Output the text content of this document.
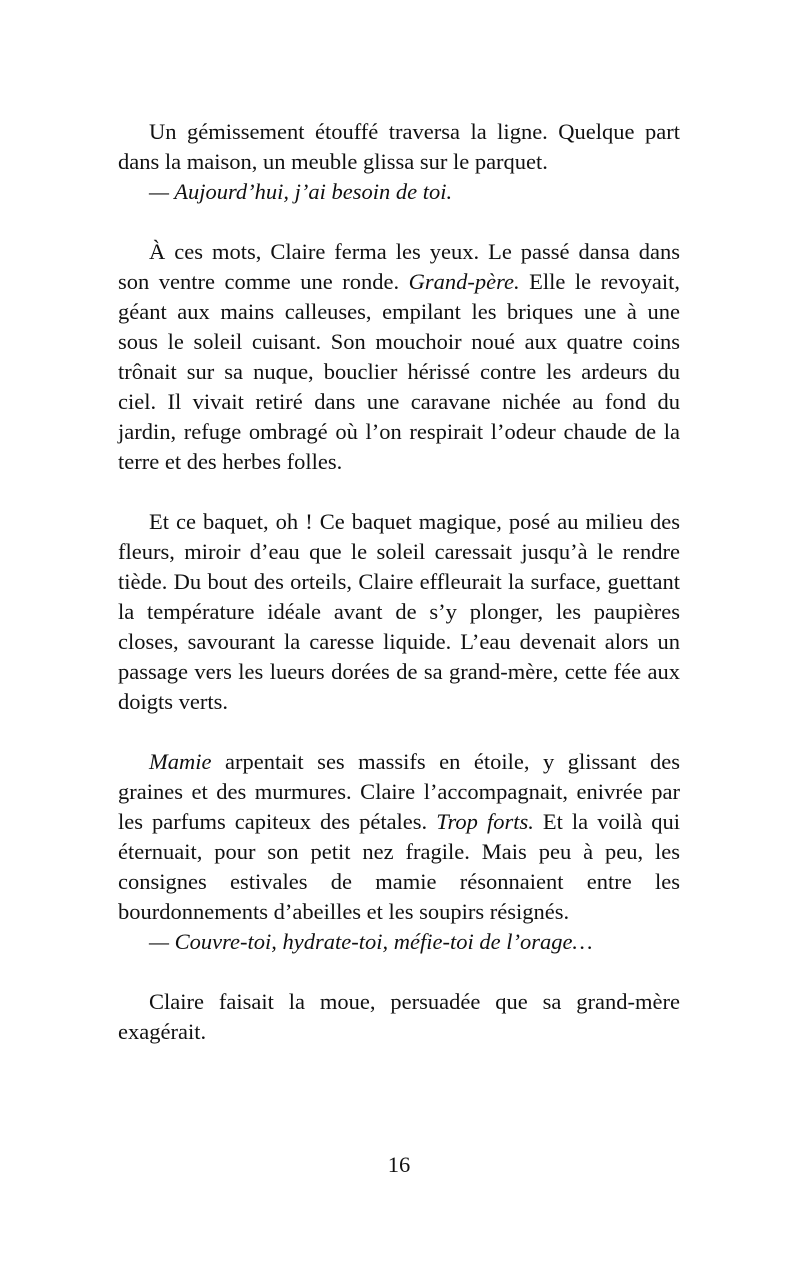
Un gémissement étouffé traversa la ligne. Quelque part dans la maison, un meuble glissa sur le parquet.

— Aujourd’hui, j’ai besoin de toi.

À ces mots, Claire ferma les yeux. Le passé dansa dans son ventre comme une ronde. Grand-père. Elle le revoyait, géant aux mains calleuses, empilant les briques une à une sous le soleil cuisant. Son mouchoir noué aux quatre coins trônait sur sa nuque, bouclier hérissé contre les ardeurs du ciel. Il vivait retiré dans une caravane nichée au fond du jardin, refuge ombragé où l’on respirait l’odeur chaude de la terre et des herbes folles.

Et ce baquet, oh ! Ce baquet magique, posé au milieu des fleurs, miroir d’eau que le soleil caressait jusqu’à le rendre tiède. Du bout des orteils, Claire effleurait la surface, guettant la température idéale avant de s’y plonger, les paupières closes, savourant la caresse liquide. L’eau devenait alors un passage vers les lueurs dorées de sa grand-mère, cette fée aux doigts verts.

Mamie arpentait ses massifs en étoile, y glissant des graines et des murmures. Claire l’accompagnait, enivrée par les parfums capiteux des pétales. Trop forts. Et la voilà qui éternuait, pour son petit nez fragile. Mais peu à peu, les consignes estivales de mamie résonnaient entre les bourdonnements d’abeilles et les soupirs résignés.

— Couvre-toi, hydrate-toi, méfie-toi de l’orage…

Claire faisait la moue, persuadée que sa grand-mère exagérait.

16
